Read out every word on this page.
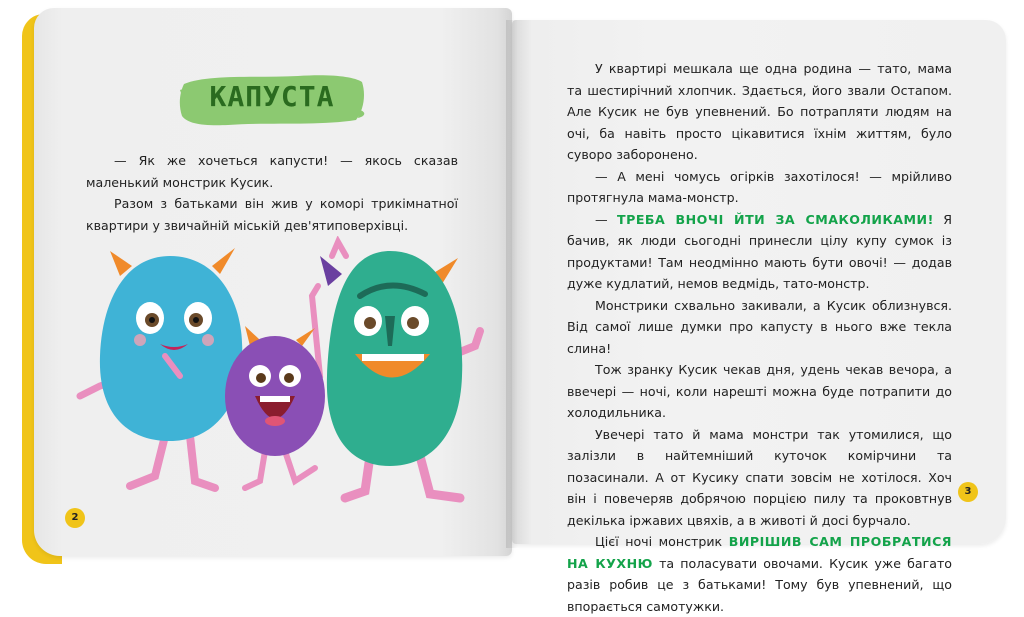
КАПУСТА

— Як же хочеться капусти! — якось сказав маленький монстрик Кусик.

Разом з батьками він жив у коморі трикімнатної квартири у звичайній міській дев'ятиповерхівці.

У квартирі мешкала ще одна родина — тато, мама та шестирічний хлопчик. Здається, його звали Остапом. Але Кусик не був упевнений. Бо потрапляти людям на очі, ба навіть просто цікавитися їхнім життям, було суворо заборонено.

— А мені чомусь огірків захотілося! — мрійливо протягнула мама-монстр.

— ТРЕБА ВНОЧІ ЙТИ ЗА СМАКОЛИКАМИ! Я бачив, як люди сьогодні принесли цілу купу сумок із продуктами! Там неодмінно мають бути овочі! — додав дуже кудлатий, немов ведмідь, тато-монстр.

Монстрики схвально закивали, а Кусик облизнувся. Від самої лише думки про капусту в нього вже текла слина!

Тож зранку Кусик чекав дня, удень чекав вечора, а ввечері — ночі, коли нарешті можна буде потрапити до холодильника.

Увечері тато й мама монстри так утомилися, що залізли в найтемніший куточок комірчини та позасинали. А от Кусику спати зовсім не хотілося. Хоч він і повечеряв добрячою порцією пилу та проковтнув декілька іржавих цвяхів, а в животі й досі бурчало.

Цієї ночі монстрик ВИРІШИВ САМ ПРОБРАТИСЯ НА КУХНЮ та поласувати овочами. Кусик уже багато разів робив це з батьками! Тому був упевнений, що впорається самотужки.

2
3
